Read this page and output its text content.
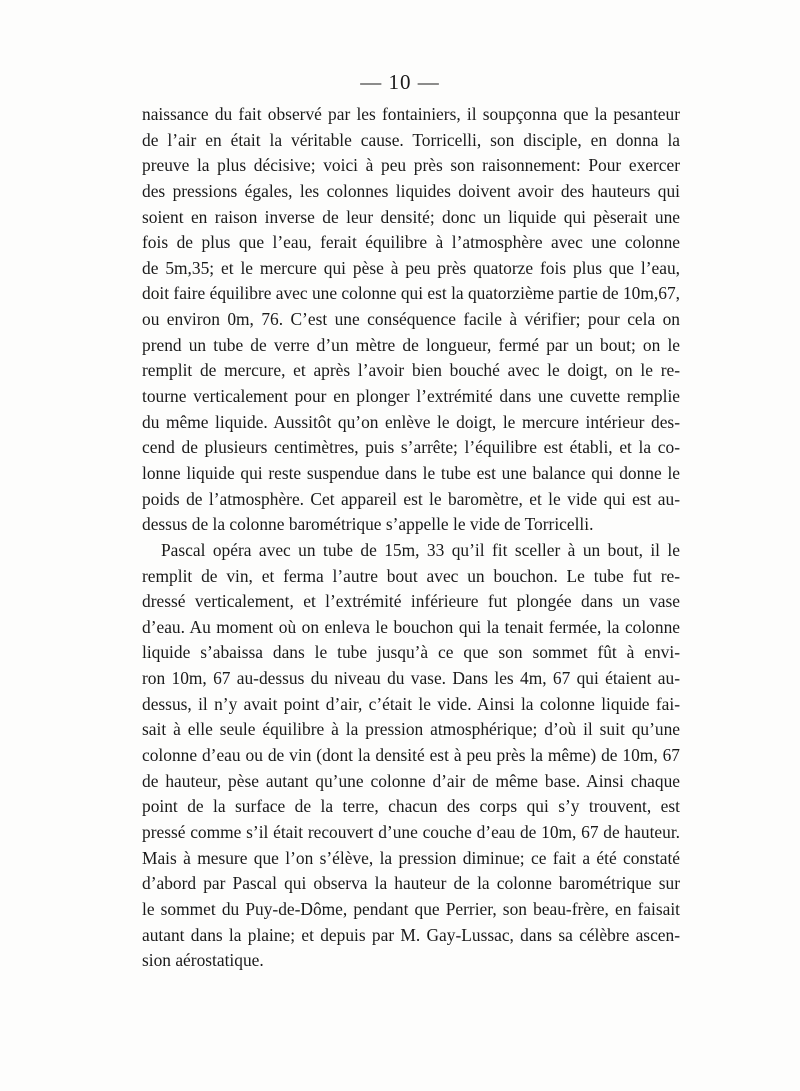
— 10 —
naissance du fait observé par les fontainiers, il soupçonna que la pesanteur
de l’air en était la véritable cause. Torricelli, son disciple, en donna la
preuve la plus décisive; voici à peu près son raisonnement: Pour exercer
des pressions égales, les colonnes liquides doivent avoir des hauteurs qui
soient en raison inverse de leur densité; donc un liquide qui pèserait une
fois de plus que l’eau, ferait équilibre à l’atmosphère avec une colonne
de 5m,35; et le mercure qui pèse à peu près quatorze fois plus que l’eau,
doit faire équilibre avec une colonne qui est la quatorzième partie de 10m,67,
ou environ 0m, 76. C’est une conséquence facile à vérifier; pour cela on
prend un tube de verre d’un mètre de longueur, fermé par un bout; on le
remplit de mercure, et après l’avoir bien bouché avec le doigt, on le re-
tourne verticalement pour en plonger l’extrémité dans une cuvette remplie
du même liquide. Aussitôt qu’on enlève le doigt, le mercure intérieur des-
cend de plusieurs centimètres, puis s’arrête; l’équilibre est établi, et la co-
lonne liquide qui reste suspendue dans le tube est une balance qui donne le
poids de l’atmosphère. Cet appareil est le baromètre, et le vide qui est au-
dessus de la colonne barométrique s’appelle le vide de Torricelli.
Pascal opéra avec un tube de 15m, 33 qu’il fit sceller à un bout, il le
remplit de vin, et ferma l’autre bout avec un bouchon. Le tube fut re-
dressé verticalement, et l’extrémité inférieure fut plongée dans un vase
d’eau. Au moment où on enleva le bouchon qui la tenait fermée, la colonne
liquide s’abaissa dans le tube jusqu’à ce que son sommet fût à envi-
ron 10m, 67 au-dessus du niveau du vase. Dans les 4m, 67 qui étaient au-
dessus, il n’y avait point d’air, c’était le vide. Ainsi la colonne liquide fai-
sait à elle seule équilibre à la pression atmosphérique; d’où il suit qu’une
colonne d’eau ou de vin (dont la densité est à peu près la même) de 10m, 67
de hauteur, pèse autant qu’une colonne d’air de même base. Ainsi chaque
point de la surface de la terre, chacun des corps qui s’y trouvent, est
pressé comme s’il était recouvert d’une couche d’eau de 10m, 67 de hauteur.
Mais à mesure que l’on s’élève, la pression diminue; ce fait a été constaté
d’abord par Pascal qui observa la hauteur de la colonne barométrique sur
le sommet du Puy-de-Dôme, pendant que Perrier, son beau-frère, en faisait
autant dans la plaine; et depuis par M. Gay-Lussac, dans sa célèbre ascen-
sion aérostatique.
